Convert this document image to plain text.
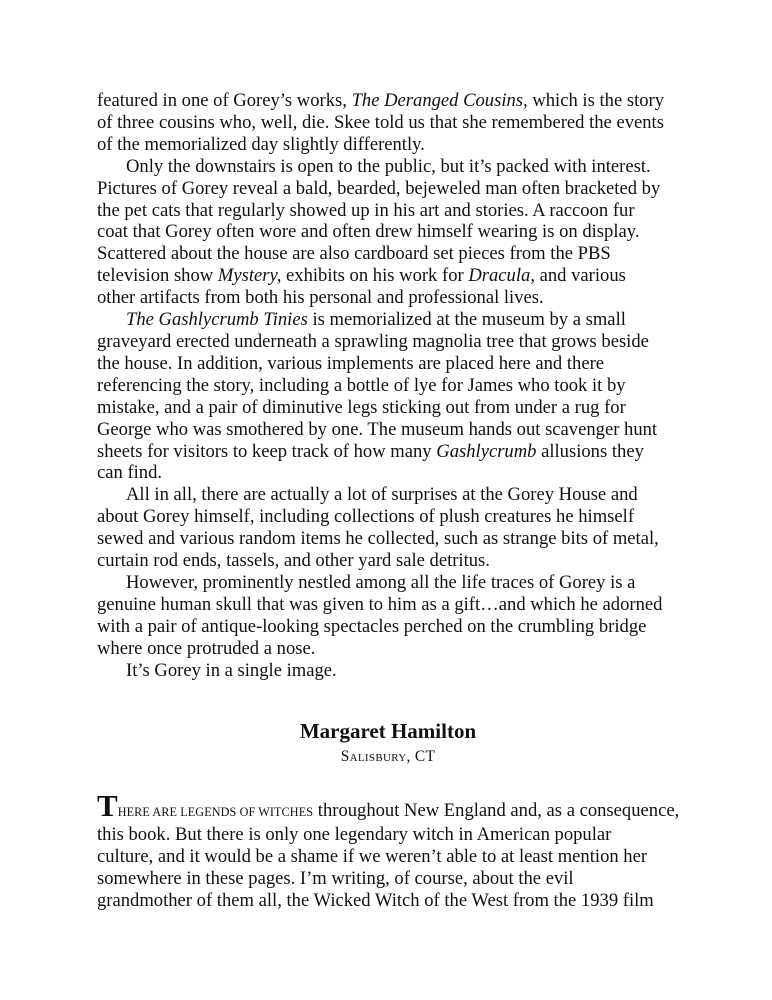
featured in one of Gorey’s works, The Deranged Cousins, which is the story
of three cousins who, well, die. Skee told us that she remembered the events
of the memorialized day slightly differently.
Only the downstairs is open to the public, but it’s packed with interest.
Pictures of Gorey reveal a bald, bearded, bejeweled man often bracketed by
the pet cats that regularly showed up in his art and stories. A raccoon fur
coat that Gorey often wore and often drew himself wearing is on display.
Scattered about the house are also cardboard set pieces from the PBS
television show Mystery, exhibits on his work for Dracula, and various
other artifacts from both his personal and professional lives.
The Gashlycrumb Tinies is memorialized at the museum by a small
graveyard erected underneath a sprawling magnolia tree that grows beside
the house. In addition, various implements are placed here and there
referencing the story, including a bottle of lye for James who took it by
mistake, and a pair of diminutive legs sticking out from under a rug for
George who was smothered by one. The museum hands out scavenger hunt
sheets for visitors to keep track of how many Gashlycrumb allusions they
can find.
All in all, there are actually a lot of surprises at the Gorey House and
about Gorey himself, including collections of plush creatures he himself
sewed and various random items he collected, such as strange bits of metal,
curtain rod ends, tassels, and other yard sale detritus.
However, prominently nestled among all the life traces of Gorey is a
genuine human skull that was given to him as a gift…and which he adorned
with a pair of antique-looking spectacles perched on the crumbling bridge
where once protruded a nose.
It’s Gorey in a single image.
Margaret Hamilton
Salisbury, CT
THERE ARE LEGENDS OF WITCHES throughout New England and, as a consequence,
this book. But there is only one legendary witch in American popular
culture, and it would be a shame if we weren’t able to at least mention her
somewhere in these pages. I’m writing, of course, about the evil
grandmother of them all, the Wicked Witch of the West from the 1939 film
